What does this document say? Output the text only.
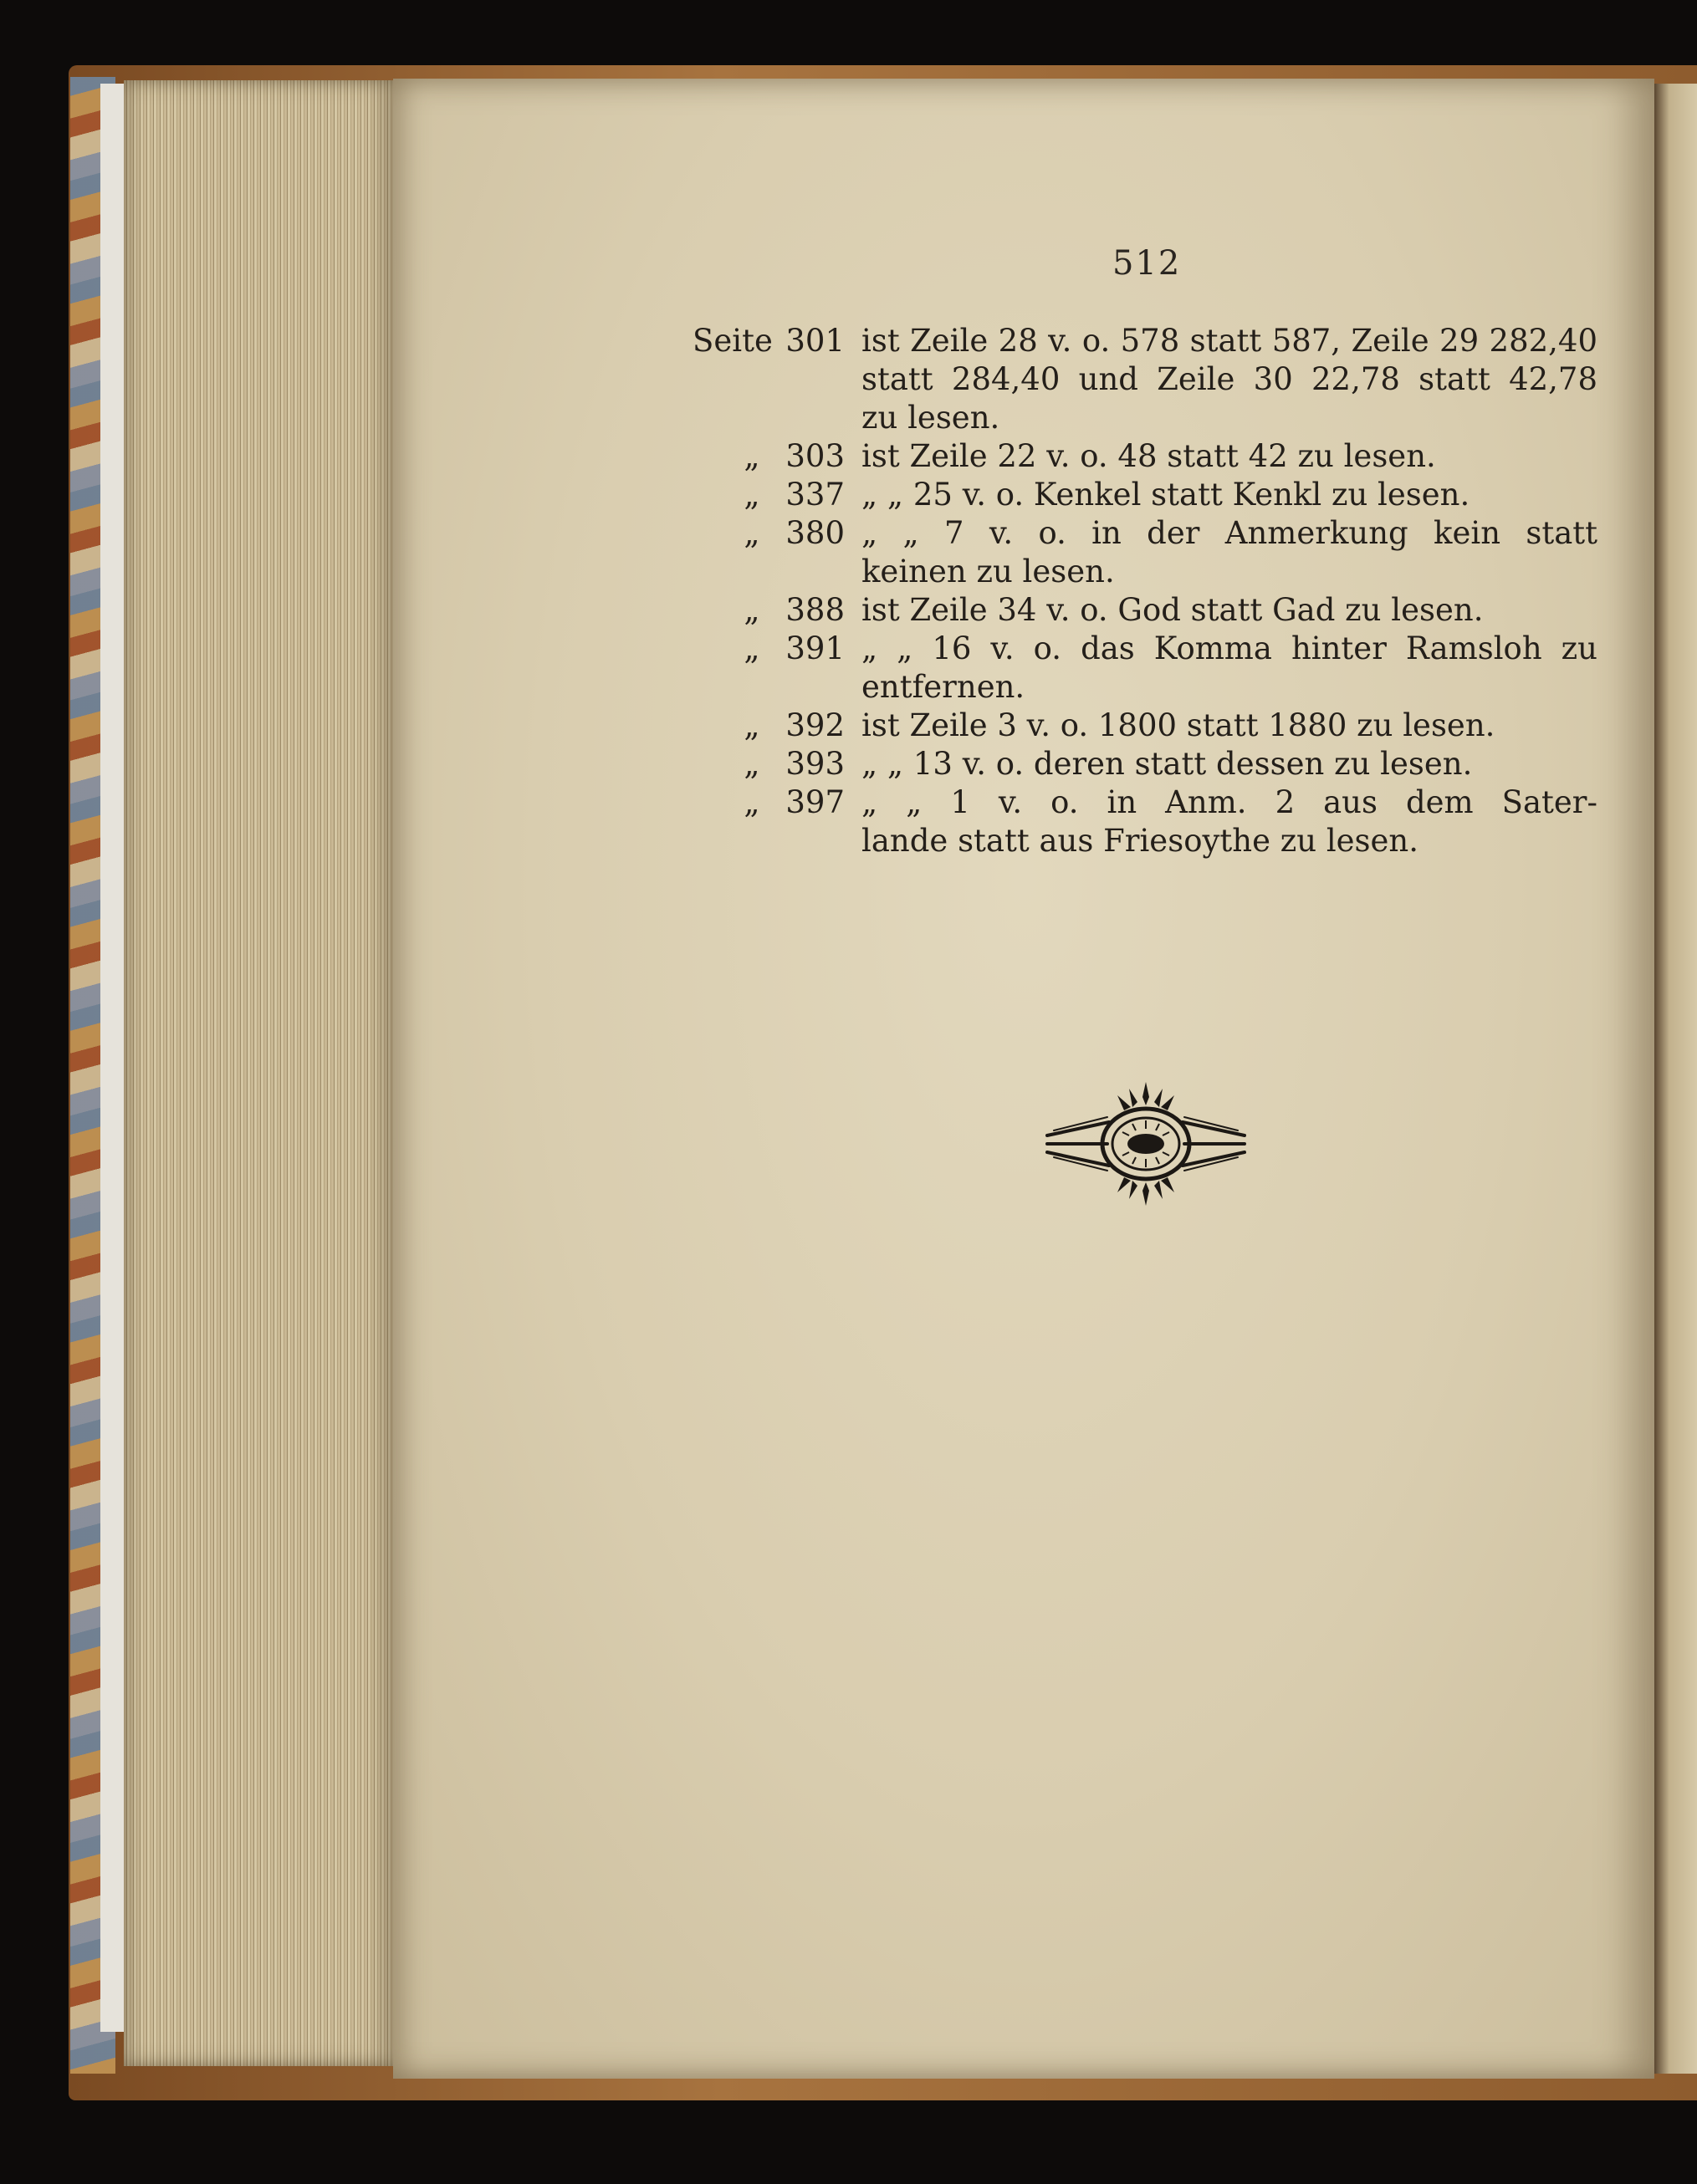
512
Seite 301 ist Zeile 28 v. o. 578 statt 587, Zeile 29 282,40
statt 284,40 und Zeile 30 22,78 statt 42,78
zu lesen.
„ 303 ist Zeile 22 v. o. 48 statt 42 zu lesen.
„ 337 „ „ 25 v. o. Kenkel statt Kenkl zu lesen.
„ 380 „ „ 7 v. o. in der Anmerkung kein statt
keinen zu lesen.
„ 388 ist Zeile 34 v. o. God statt Gad zu lesen.
„ 391 „ „ 16 v. o. das Komma hinter Ramsloh zu
entfernen.
„ 392 ist Zeile 3 v. o. 1800 statt 1880 zu lesen.
„ 393 „ „ 13 v. o. deren statt dessen zu lesen.
„ 397 „ „ 1 v. o. in Anm. 2 aus dem Sater-
lande statt aus Friesoythe zu lesen.
